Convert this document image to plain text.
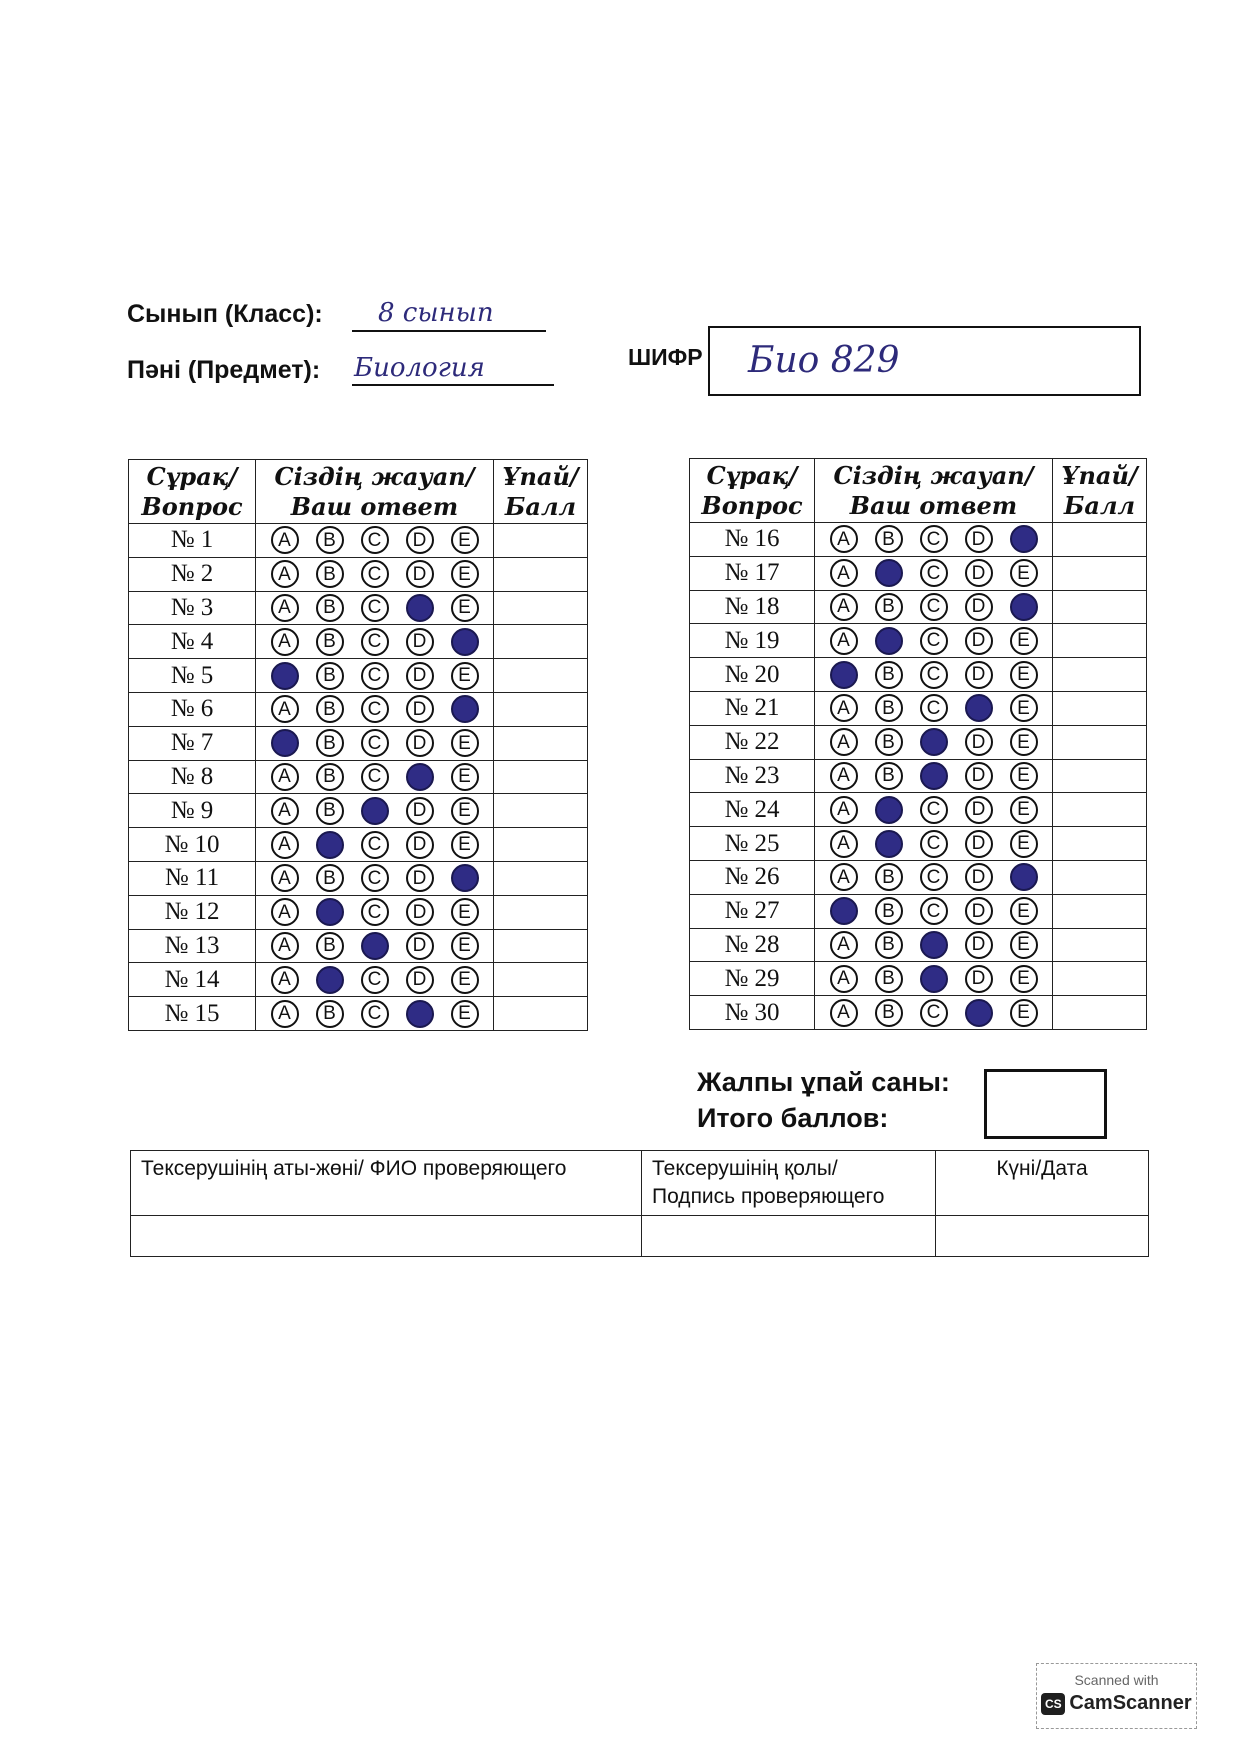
Сынып (Класс): 8 сынып
Пәні (Предмет): Биология	ШИФР Био 829
Сұрақ/ Вопрос	Сіздің жауап/ Ваш ответ	Ұпай/ Балл
№ 1	A B C D E	

№ 2	A B C D E	

№ 3	A B C E	

№ 4	A B C D	

№ 5	B C D E	

№ 6	A B C D	

№ 7	B C D E	

№ 8	A B C E	

№ 9	A B D E	

№ 10	A C D E	

№ 11	A B C D	

№ 12	A C D E	

№ 13	A B D E	

№ 14	A C D E	

№ 15	A B C E	

Сұрақ/ Вопрос	Сіздің жауап/ Ваш ответ	Ұпай/ Балл
№ 16	A B C D	

№ 17	A C D E	

№ 18	A B C D	

№ 19	A C D E	

№ 20	B C D E	

№ 21	A B C E	

№ 22	A B D E	

№ 23	A B D E	

№ 24	A C D E	

№ 25	A C D E	

№ 26	A B C D	

№ 27	B C D E	

№ 28	A B D E	

№ 29	A B D E	

№ 30	A B C E	

Жалпы ұпай саны:
Итого баллов:
Тексерушінің аты-жөні/ ФИО проверяющего	Тексерушінің қолы/ Подпись проверяющего	Күні/Дата

Scanned with
CS CamScanner
